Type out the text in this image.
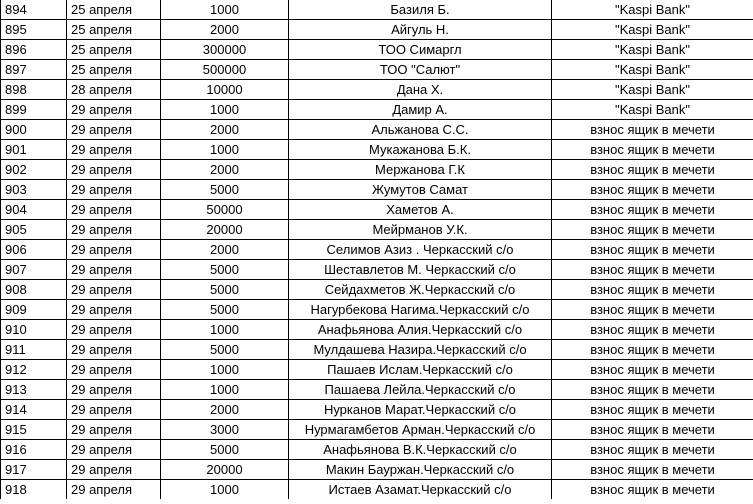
894	25 апреля	1000	Базиля Б.	"Kaspi Bank"
895	25 апреля	2000	Айгуль Н.	"Kaspi Bank"
896	25 апреля	300000	ТОО Симаргл	"Kaspi Bank"
897	25 апреля	500000	ТОО "Салют"	"Kaspi Bank"
898	28 апреля	10000	Дана Х.	"Kaspi Bank"
899	29 апреля	1000	Дамир А.	"Kaspi Bank"
900	29 апреля	2000	Альжанова С.С.	взнос ящик в мечети
901	29 апреля	1000	Мукажанова Б.К.	взнос ящик в мечети
902	29 апреля	2000	Мержанова Г.К	взнос ящик в мечети
903	29 апреля	5000	Жумутов Самат	взнос ящик в мечети
904	29 апреля	50000	Хаметов А.	взнос ящик в мечети
905	29 апреля	20000	Мейрманов У.К.	взнос ящик в мечети
906	29 апреля	2000	Селимов Азиз . Черкасский с/о	взнос ящик в мечети
907	29 апреля	5000	Шеставлетов М. Черкасский с/о	взнос ящик в мечети
908	29 апреля	5000	Сейдахметов Ж.Черкасский с/о	взнос ящик в мечети
909	29 апреля	5000	Нагурбекова Нагима.Черкасский с/о	взнос ящик в мечети
910	29 апреля	1000	Анафьянова Алия.Черкасский с/о	взнос ящик в мечети
911	29 апреля	5000	Мулдашева Назира.Черкасский с/о	взнос ящик в мечети
912	29 апреля	1000	Пашаев Ислам.Черкасский с/о	взнос ящик в мечети
913	29 апреля	1000	Пашаева Лейла.Черкасский с/о	взнос ящик в мечети
914	29 апреля	2000	Нурканов Марат.Черкасский с/о	взнос ящик в мечети
915	29 апреля	3000	Нурмагамбетов Арман.Черкасский с/о	взнос ящик в мечети
916	29 апреля	5000	Анафьянова В.К.Черкасский с/о	взнос ящик в мечети
917	29 апреля	20000	Макин Бауржан.Черкасский с/о	взнос ящик в мечети
918	29 апреля	1000	Истаев Азамат.Черкасский с/о	взнос ящик в мечети
